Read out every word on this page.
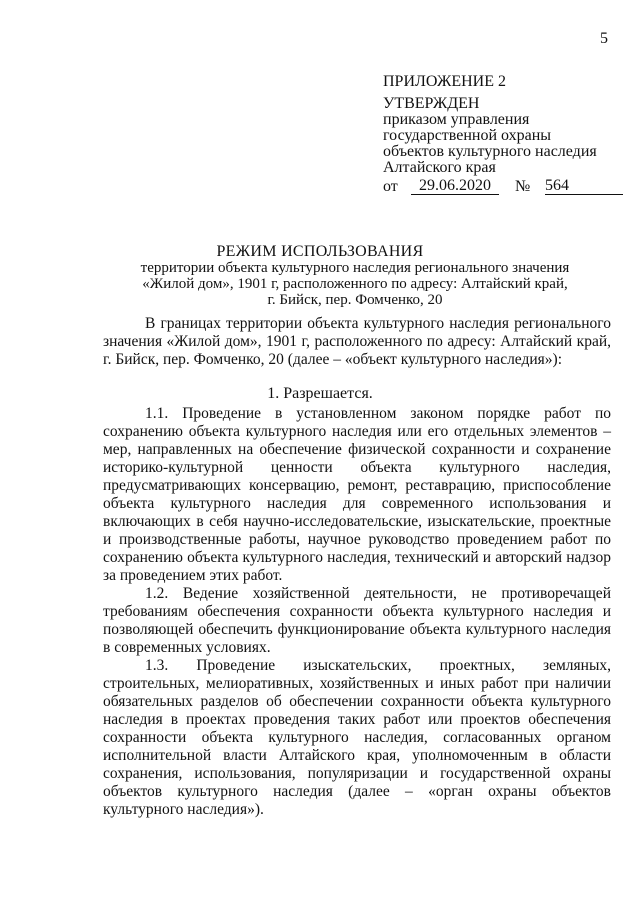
5
ПРИЛОЖЕНИЕ 2
УТВЕРЖДЕН
приказом управления
государственной охраны
объектов культурного наследия
Алтайского края
от	29.06.2020	№ 564
РЕЖИМ ИСПОЛЬЗОВАНИЯ
территории объекта культурного наследия регионального значения
«Жилой дом», 1901 г, расположенного по адресу: Алтайский край,
г. Бийск, пер. Фомченко, 20

В границах территории объекта культурного наследия регионального значения «Жилой дом», 1901 г, расположенного по адресу: Алтайский край, г. Бийск, пер. Фомченко, 20 (далее – «объект культурного наследия»):

1. Разрешается.

1.1. Проведение в установленном законом порядке работ по сохранению объекта культурного наследия или его отдельных элементов – мер, направленных на обеспечение физической сохранности и сохранение историко-культурной ценности объекта культурного наследия, предусматривающих консервацию, ремонт, реставрацию, приспособление объекта культурного наследия для современного использования и включающих в себя научно-исследовательские, изыскательские, проектные и производственные работы, научное руководство проведением работ по сохранению объекта культурного наследия, технический и авторский надзор за проведением этих работ.

1.2. Ведение хозяйственной деятельности, не противоречащей требованиям обеспечения сохранности объекта культурного наследия и позволяющей обеспечить функционирование объекта культурного наследия в современных условиях.

1.3. Проведение изыскательских, проектных, земляных, строительных, мелиоративных, хозяйственных и иных работ при наличии обязательных разделов об обеспечении сохранности объекта культурного наследия в проектах проведения таких работ или проектов обеспечения сохранности объекта культурного наследия, согласованных органом исполнительной власти Алтайского края, уполномоченным в области сохранения, использования, популяризации и государственной охраны объектов культурного наследия (далее – «орган охраны объектов культурного наследия»).
